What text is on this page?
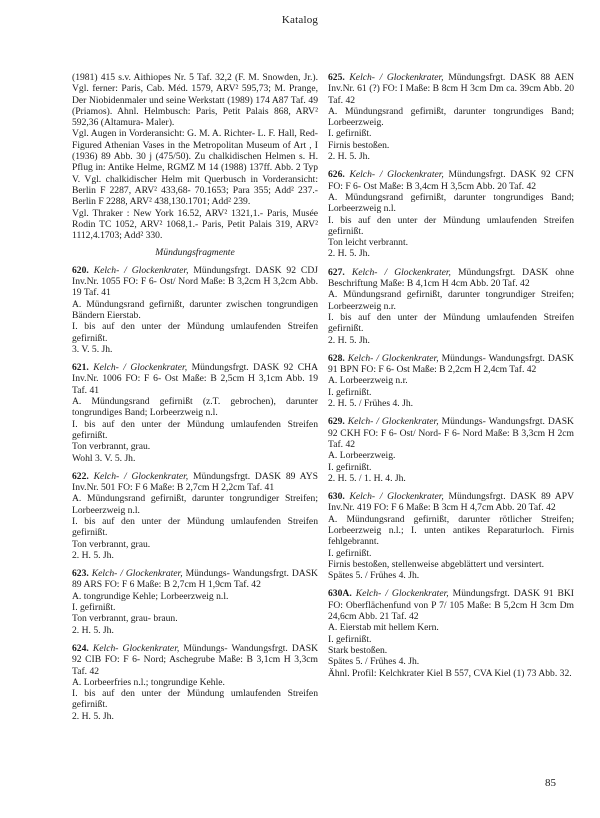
Katalog

(1981) 415 s.v. Aithiopes Nr. 5 Taf. 32,2 (F. M. Snowden, Jr.). Vgl. ferner: Paris, Cab. Méd. 1579, ARV² 595,73; M. Prange, Der Niobidenmaler und seine Werkstatt (1989) 174 A87 Taf. 49 (Priamos). Ahnl. Helmbusch: Paris, Petit Palais 868, ARV² 592,36 (Altamura- Maler).

Vgl. Augen in Vorderansicht: G. M. A. Richter- L. F. Hall, Red- Figured Athenian Vases in the Metropolitan Museum of Art , I (1936) 89 Abb. 30 j (475/50). Zu chalkidischen Helmen s. H. Pflug in: Antike Helme, RGMZ M 14 (1988) 137ff. Abb. 2 Typ V. Vgl. chalkidischer Helm mit Querbusch in Vorderansicht: Berlin F 2287, ARV² 433,68- 70.1653; Para 355; Add² 237.- Berlin F 2288, ARV² 438,130.1701; Add² 239.

Vgl. Thraker : New York 16.52, ARV² 1321,1.- Paris, Musée Rodin TC 1052, ARV² 1068,1.- Paris, Petit Palais 319, ARV² 1112,4.1703; Add² 330.

Mündungsfragmente

620. Kelch- / Glockenkrater, Mündungsfrgt. DASK 92 CDJ Inv.Nr. 1055 FO: F 6- Ost/ Nord Maße: B 3,2cm H 3,2cm Abb. 19 Taf. 41

A. Mündungsrand gefirnißt, darunter zwischen tongrundigen Bändern Eierstab.

I. bis auf den unter der Mündung umlaufenden Streifen gefirnißt.

3. V. 5. Jh.

621. Kelch- / Glockenkrater, Mündungsfrgt. DASK 92 CHA Inv.Nr. 1006 FO: F 6- Ost Maße: B 2,5cm H 3,1cm Abb. 19 Taf. 41

A. Mündungsrand gefirnißt (z.T. gebrochen), darunter tongrundiges Band; Lorbeerzweig n.l.

I. bis auf den unter der Mündung umlaufenden Streifen gefirnißt.

Ton verbrannt, grau.

Wohl 3. V. 5. Jh.

622. Kelch- / Glockenkrater, Mündungsfrgt. DASK 89 AYS Inv.Nr. 501 FO: F 6 Maße: B 2,7cm H 2,2cm Taf. 41

A. Mündungsrand gefirnißt, darunter tongrundiger Streifen; Lorbeerzweig n.l.

I. bis auf den unter der Mündung umlaufenden Streifen gefirnißt.

Ton verbrannt, grau.

2. H. 5. Jh.

623. Kelch- / Glockenkrater, Mündungs- Wandungsfrgt. DASK 89 ARS FO: F 6 Maße: B 2,7cm H 1,9cm Taf. 42

A. tongrundige Kehle; Lorbeerzweig n.l.

I. gefirnißt.

Ton verbrannt, grau- braun.

2. H. 5. Jh.

624. Kelch- Glockenkrater, Mündungs- Wandungsfrgt. DASK 92 CIB FO: F 6- Nord; Aschegrube Maße: B 3,1cm H 3,3cm Taf. 42

A. Lorbeerfries n.l.; tongrundige Kehle.

I. bis auf den unter der Mündung umlaufenden Streifen gefirnißt.

2. H. 5. Jh.

625. Kelch- / Glockenkrater, Mündungsfrgt. DASK 88 AEN Inv.Nr. 61 (?) FO: I Maße: B 8cm H 3cm Dm ca. 39cm Abb. 20 Taf. 42

A. Mündungsrand gefirnißt, darunter tongrundiges Band; Lorbeerzweig.

I. gefirnißt.

Firnis bestoßen.

2. H. 5. Jh.

626. Kelch- / Glockenkrater, Mündungsfrgt. DASK 92 CFN FO: F 6- Ost Maße: B 3,4cm H 3,5cm Abb. 20 Taf. 42

A. Mündungsrand gefirnißt, darunter tongrundiges Band; Lorbeerzweig n.l.

I. bis auf den unter der Mündung umlaufenden Streifen gefirnißt.

Ton leicht verbrannt.

2. H. 5. Jh.

627. Kelch- / Glockenkrater, Mündungsfrgt. DASK ohne Beschriftung Maße: B 4,1cm H 4cm Abb. 20 Taf. 42

A. Mündungsrand gefirnißt, darunter tongrundiger Streifen; Lorbeerzweig n.r.

I. bis auf den unter der Mündung umlaufenden Streifen gefirnißt.

2. H. 5. Jh.

628. Kelch- / Glockenkrater, Mündungs- Wandungsfrgt. DASK 91 BPN FO: F 6- Ost Maße: B 2,2cm H 2,4cm Taf. 42

A. Lorbeerzweig n.r.

I. gefirnißt.

2. H. 5. / Frühes 4. Jh.

629. Kelch- / Glockenkrater, Mündungs- Wandungsfrgt. DASK 92 CKH FO: F 6- Ost/ Nord- F 6- Nord Maße: B 3,3cm H 2cm Taf. 42

A. Lorbeerzweig.

I. gefirnißt.

2. H. 5. / 1. H. 4. Jh.

630. Kelch- / Glockenkrater, Mündungsfrgt. DASK 89 APV Inv.Nr. 419 FO: F 6 Maße: B 3cm H 4,7cm Abb. 20 Taf. 42

A. Mündungsrand gefirnißt, darunter rötlicher Streifen; Lorbeerzweig n.l.; I. unten antikes Reparaturloch. Firnis fehlgebrannt.

I. gefirnißt.

Firnis bestoßen, stellenweise abgeblättert und versintert.

Spätes 5. / Frühes 4. Jh.

630A. Kelch- / Glockenkrater, Mündungsfrgt. DASK 91 BKI FO: Oberflächenfund von P 7/ 105 Maße: B 5,2cm H 3cm Dm 24,6cm Abb. 21 Taf. 42

A. Eierstab mit hellem Kern.

I. gefirnißt.

Stark bestoßen.

Spätes 5. / Frühes 4. Jh.

Ähnl. Profil: Kelchkrater Kiel B 557, CVA Kiel (1) 73 Abb. 32.

85
